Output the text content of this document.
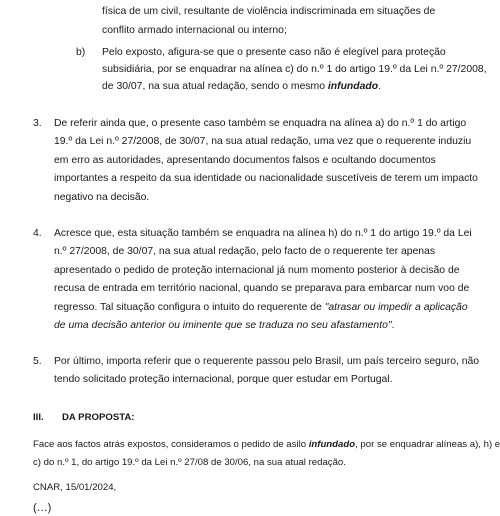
física de um civil, resultante de violência indiscriminada em situações de
conflito armado internacional ou interno;
b) Pelo exposto, afigura-se que o presente caso não é elegível para proteção
subsidiária, por se enquadrar na alínea c) do n.º 1 do artigo 19.º da Lei n.º 27/2008,
de 30/07, na sua atual redação, sendo o mesmo infundado.
3. De referir ainda que, o presente caso também se enquadra na alínea a) do n.º 1 do artigo
19.º da Lei n.º 27/2008, de 30/07, na sua atual redação, uma vez que o requerente induziu
em erro as autoridades, apresentando documentos falsos e ocultando documentos
importantes a respeito da sua identidade ou nacionalidade suscetíveis de terem um impacto
negativo na decisão.
4. Acresce que, esta situação também se enquadra na alínea h) do n.º 1 do artigo 19.º da Lei
n.º 27/2008, de 30/07, na sua atual redação, pelo facto de o requerente ter apenas
apresentado o pedido de proteção internacional já num momento posterior à decisão de
recusa de entrada em território nacional, quando se preparava para embarcar num voo de
regresso. Tal situação configura o intuito do requerente de "atrasar ou impedir a aplicação
de uma decisão anterior ou iminente que se traduza no seu afastamento".
5. Por último, importa referir que o requerente passou pelo Brasil, um país terceiro seguro, não
tendo solicitado proteção internacional, porque quer estudar em Portugal.
III. DA PROPOSTA:
Face aos factos atrás expostos, consideramos o pedido de asilo infundado, por se enquadrar alíneas a), h) e
c) do n.º 1, do artigo 19.º da Lei n.º 27/08 de 30/06, na sua atual redação.
CNAR, 15/01/2024,
(…)
